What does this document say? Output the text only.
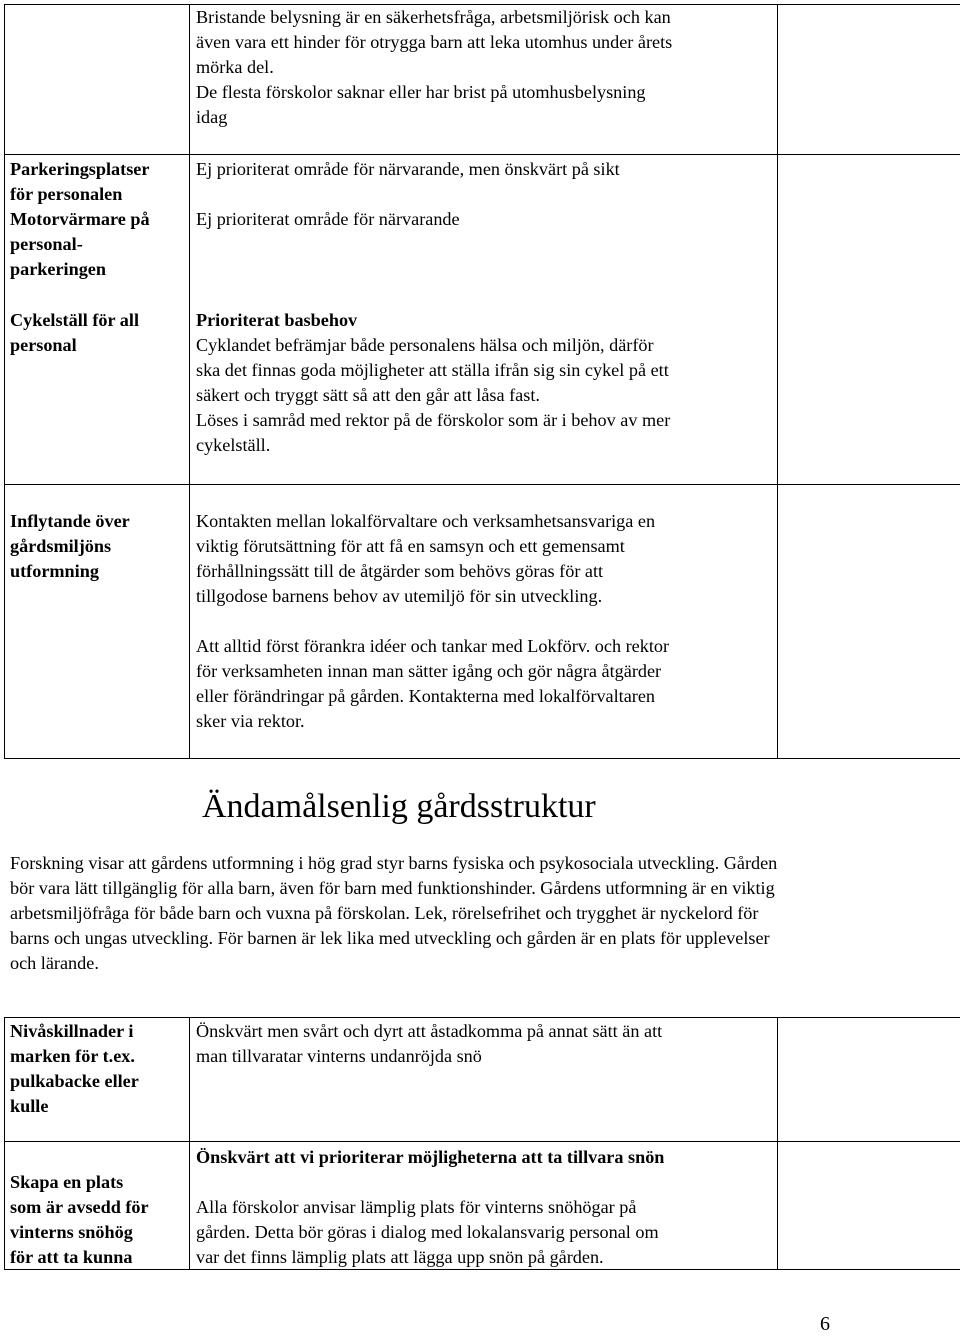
Bristande belysning är en säkerhetsfråga, arbetsmiljörisk och kan
även vara ett hinder för otrygga barn att leka utomhus under årets
mörka del.
De flesta förskolor saknar eller har brist på utomhusbelysning
idag
Parkeringsplatser
för personalen
Motorvärmare på
personal-
parkeringen
Cykelställ för all
personal
Ej prioriterat område för närvarande, men önskvärt på sikt
Ej prioriterat område för närvarande
Prioriterat basbehov
Cyklandet befrämjar både personalens hälsa och miljön, därför
ska det finnas goda möjligheter att ställa ifrån sig sin cykel på ett
säkert och tryggt sätt så att den går att låsa fast.
Löses i samråd med rektor på de förskolor som är i behov av mer
cykelställ.
Inflytande över
gårdsmiljöns
utformning
Kontakten mellan lokalförvaltare och verksamhetsansvariga en
viktig förutsättning för att få en samsyn och ett gemensamt
förhållningssätt till de åtgärder som behövs göras för att
tillgodose barnens behov av utemiljö för sin utveckling.
Att alltid först förankra idéer och tankar med Lokförv. och rektor
för verksamheten innan man sätter igång och gör några åtgärder
eller förändringar på gården. Kontakterna med lokalförvaltaren
sker via rektor.
Ändamålsenlig gårdsstruktur
Forskning visar att gårdens utformning i hög grad styr barns fysiska och psykosociala utveckling. Gården
bör vara lätt tillgänglig för alla barn, även för barn med funktionshinder. Gårdens utformning är en viktig
arbetsmiljöfråga för både barn och vuxna på förskolan. Lek, rörelsefrihet och trygghet är nyckelord för
barns och ungas utveckling. För barnen är lek lika med utveckling och gården är en plats för upplevelser
och lärande.
Nivåskillnader i
marken för t.ex.
pulkabacke eller
kulle
Önskvärt men svårt och dyrt att åstadkomma på annat sätt än att
man tillvaratar vinterns undanröjda snö
Skapa en plats
som är avsedd för
vinterns snöhög
för att ta kunna
Önskvärt att vi prioriterar möjligheterna att ta tillvara snön
Alla förskolor anvisar lämplig plats för vinterns snöhögar på
gården. Detta bör göras i dialog med lokalansvarig personal om
var det finns lämplig plats att lägga upp snön på gården.
6
